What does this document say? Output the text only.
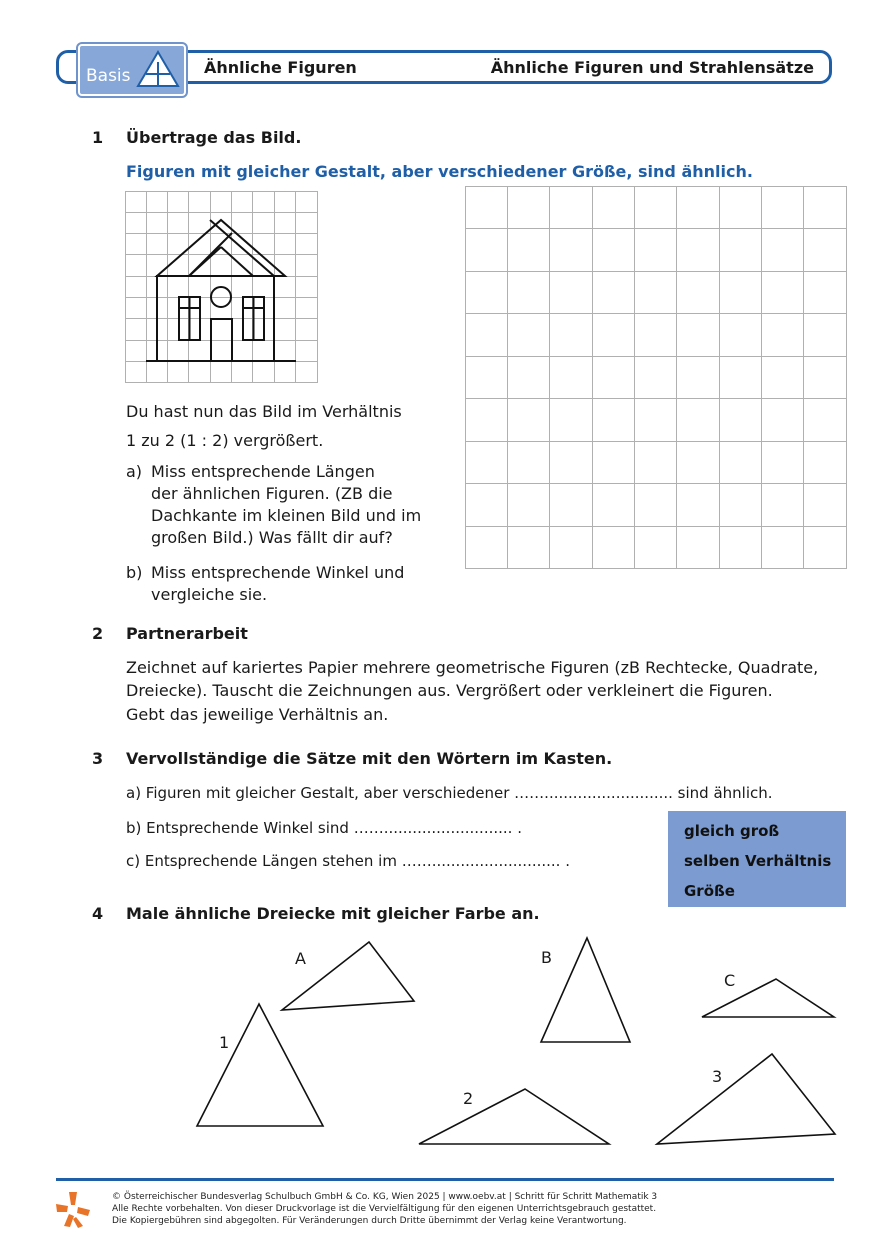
Basis	Ähnliche Figuren	Ähnliche Figuren und Strahlensätze
1 Übertrage das Bild.
Figuren mit gleicher Gestalt, aber verschiedener Größe, sind ähnlich.
Du hast nun das Bild im Verhältnis
1 zu 2 (1 : 2) vergrößert.
a) Miss entsprechende Längen
der ähnlichen Figuren. (ZB die
Dachkante im kleinen Bild und im
großen Bild.) Was fällt dir auf?
b) Miss entsprechende Winkel und
vergleiche sie.
2 Partnerarbeit
Zeichnet auf kariertes Papier mehrere geometrische Figuren (zB Rechtecke, Quadrate,
Dreiecke). Tauscht die Zeichnungen aus. Vergrößert oder verkleinert die Figuren.
Gebt das jeweilige Verhältnis an.
3 Vervollständige die Sätze mit den Wörtern im Kasten.
a) Figuren mit gleicher Gestalt, aber verschiedener ……........................... sind ähnlich.
b) Entsprechende Winkel sind ……........................... .
c) Entsprechende Längen stehen im ……........................... .
gleich groß
selben Verhältnis
Größe
4 Male ähnliche Dreiecke mit gleicher Farbe an.
A	B
C
1
2
3
© Österreichischer Bundesverlag Schulbuch GmbH & Co. KG, Wien 2025 | www.oebv.at | Schritt für Schritt Mathematik 3
Alle Rechte vorbehalten. Von dieser Druckvorlage ist die Vervielfältigung für den eigenen Unterrichtsgebrauch gestattet.
Die Kopiergebühren sind abgegolten. Für Veränderungen durch Dritte übernimmt der Verlag keine Verantwortung.
